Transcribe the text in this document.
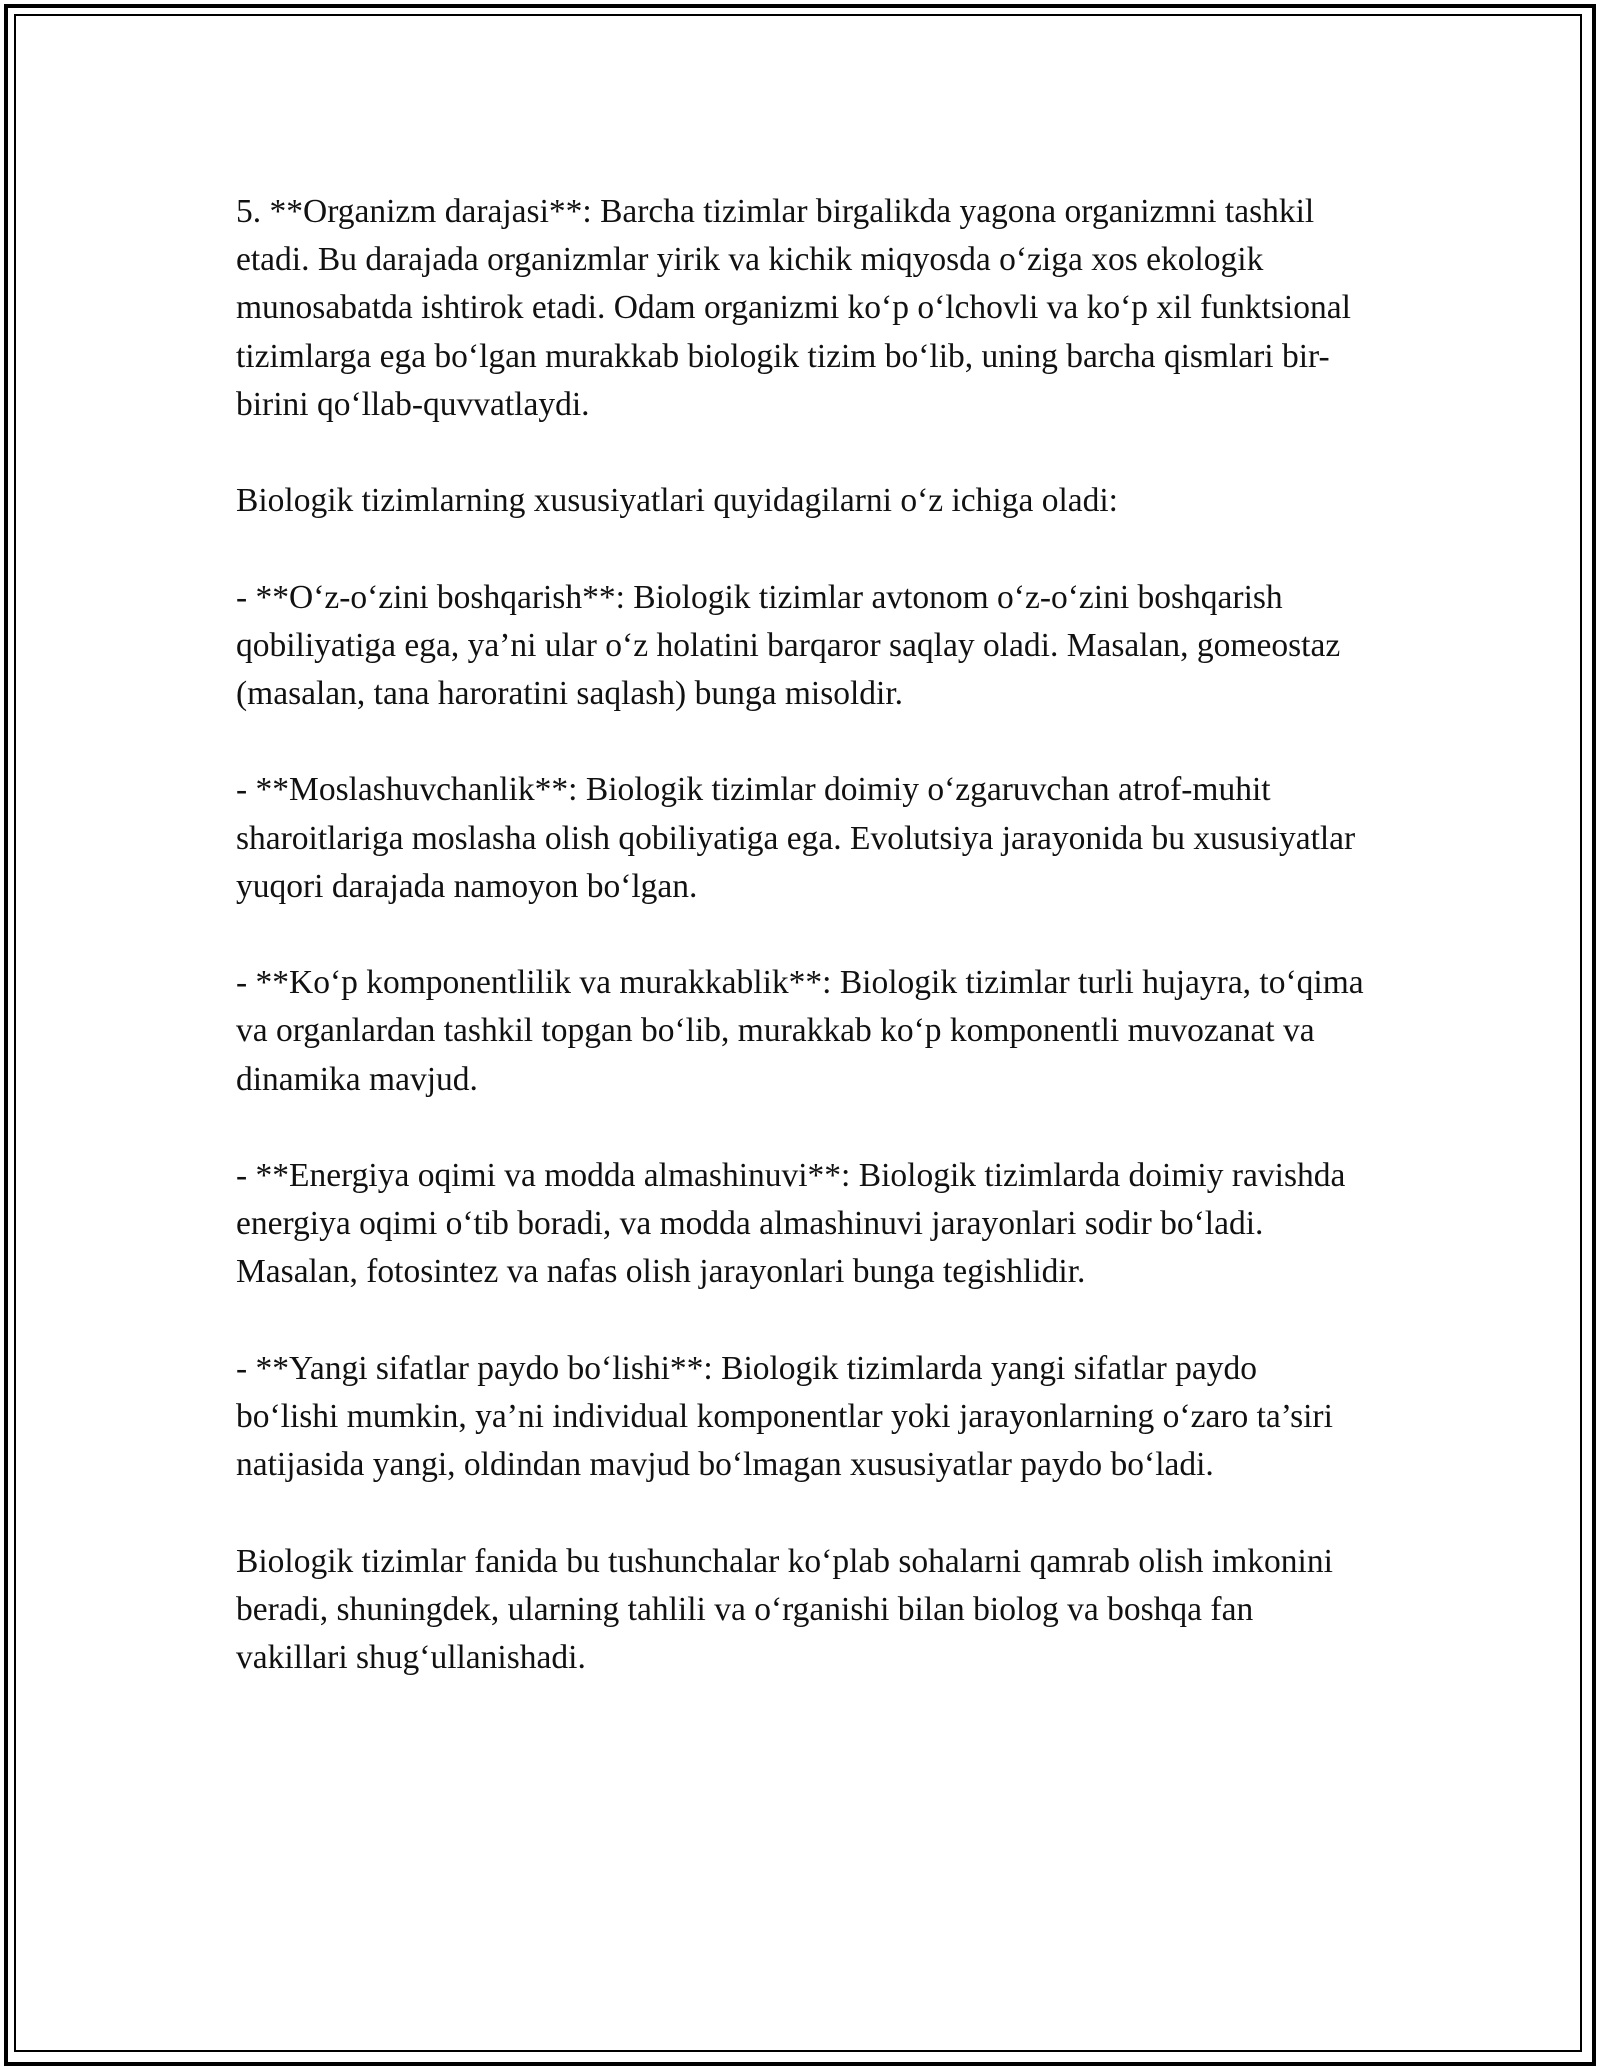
5. **Organizm darajasi**: Barcha tizimlar birgalikda yagona organizmni tashkil etadi. Bu darajada organizmlar yirik va kichik miqyosda o‘ziga xos ekologik munosabatda ishtirok etadi. Odam organizmi ko‘p o‘lchovli va ko‘p xil funktsional tizimlarga ega bo‘lgan murakkab biologik tizim bo‘lib, uning barcha qismlari bir-birini qo‘llab-quvvatlaydi.

Biologik tizimlarning xususiyatlari quyidagilarni o‘z ichiga oladi:

- **O‘z-o‘zini boshqarish**: Biologik tizimlar avtonom o‘z-o‘zini boshqarish qobiliyatiga ega, ya’ni ular o‘z holatini barqaror saqlay oladi. Masalan, gomeostaz (masalan, tana haroratini saqlash) bunga misoldir.

- **Moslashuvchanlik**: Biologik tizimlar doimiy o‘zgaruvchan atrof-muhit sharoitlariga moslasha olish qobiliyatiga ega. Evolutsiya jarayonida bu xususiyatlar yuqori darajada namoyon bo‘lgan.

- **Ko‘p komponentlilik va murakkablik**: Biologik tizimlar turli hujayra, to‘qima va organlardan tashkil topgan bo‘lib, murakkab ko‘p komponentli muvozanat va dinamika mavjud.

- **Energiya oqimi va modda almashinuvi**: Biologik tizimlarda doimiy ravishda energiya oqimi o‘tib boradi, va modda almashinuvi jarayonlari sodir bo‘ladi. Masalan, fotosintez va nafas olish jarayonlari bunga tegishlidir.

- **Yangi sifatlar paydo bo‘lishi**: Biologik tizimlarda yangi sifatlar paydo bo‘lishi mumkin, ya’ni individual komponentlar yoki jarayonlarning o‘zaro ta’siri natijasida yangi, oldindan mavjud bo‘lmagan xususiyatlar paydo bo‘ladi.

Biologik tizimlar fanida bu tushunchalar ko‘plab sohalarni qamrab olish imkonini beradi, shuningdek, ularning tahlili va o‘rganishi bilan biolog va boshqa fan vakillari shug‘ullanishadi.
